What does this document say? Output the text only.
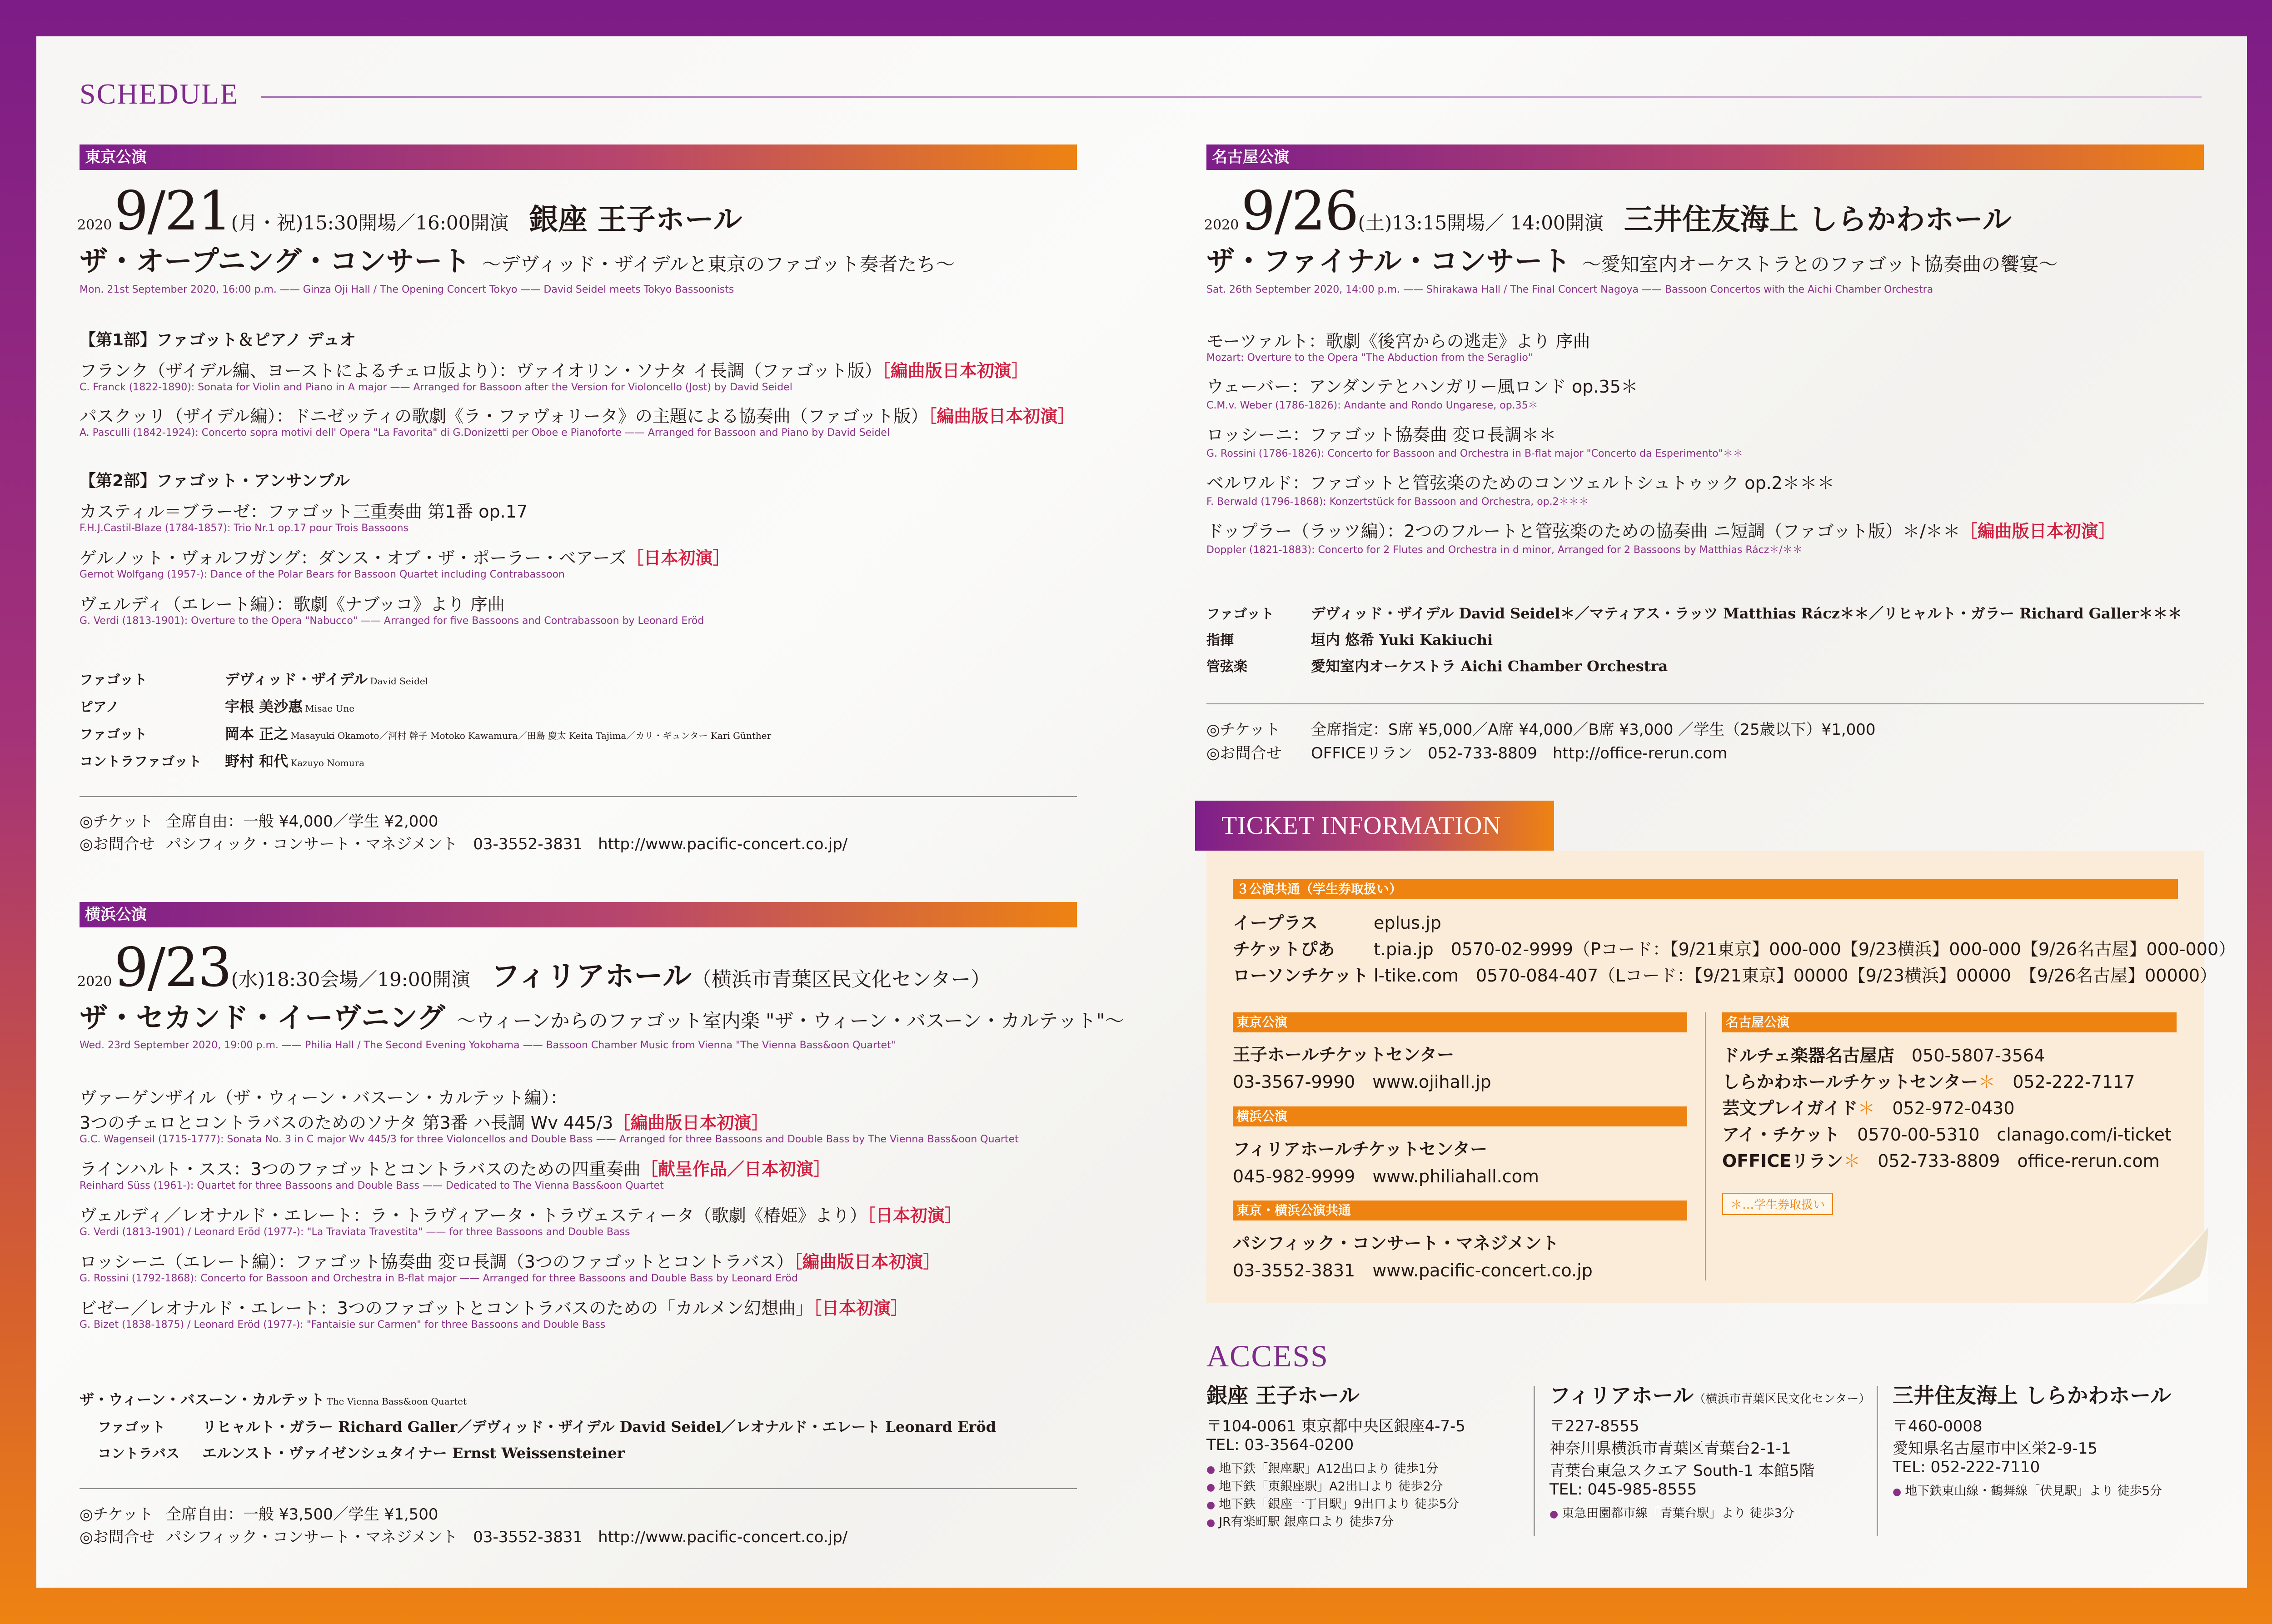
SCHEDULE
東京公演
2020 9/21(月・祝)15:30開場／16:00開演 銀座 王子ホール
ザ・オープニング・コンサート ～デヴィッド・ザイデルと東京のファゴット奏者たち～
Mon. 21st September 2020, 16:00 p.m. —— Ginza Oji Hall / The Opening Concert Tokyo —— David Seidel meets Tokyo Bassoonists
【第1部】ファゴット＆ピアノ デュオ
フランク（ザイデル編、ヨーストによるチェロ版より）：ヴァイオリン・ソナタ イ長調（ファゴット版）［編曲版日本初演］
C. Franck (1822-1890): Sonata for Violin and Piano in A major —— Arranged for Bassoon after the Version for Violoncello (Jost) by David Seidel
パスクッリ（ザイデル編）：ドニゼッティの歌劇《ラ・ファヴォリータ》の主題による協奏曲（ファゴット版）［編曲版日本初演］
A. Pasculli (1842-1924): Concerto sopra motivi dell' Opera "La Favorita" di G.Donizetti per Oboe e Pianoforte —— Arranged for Bassoon and Piano by David Seidel
【第2部】ファゴット・アンサンブル
カスティル＝ブラーゼ：ファゴット三重奏曲 第1番 op.17
F.H.J.Castil-Blaze (1784-1857): Trio Nr.1 op.17 pour Trois Bassoons
ゲルノット・ヴォルフガング：ダンス・オブ・ザ・ポーラー・ベアーズ［日本初演］
Gernot Wolfgang (1957-): Dance of the Polar Bears for Bassoon Quartet including Contrabassoon
ヴェルディ（エレート編）：歌劇《ナブッコ》より 序曲
G. Verdi (1813-1901): Overture to the Opera "Nabucco" —— Arranged for five Bassoons and Contrabassoon by Leonard Eröd
ファゴット	デヴィッド・ザイデル David Seidel
ピアノ	宇根 美沙惠 Misae Une
ファゴット	岡本 正之 Masayuki Okamoto／河村 幹子 Motoko Kawamura／田島 慶太 Keita Tajima／カリ・ギュンター Kari Günther
コントラファゴット 野村 和代 Kazuyo Nomura
◎チケット 全席自由：一般 ¥4,000／学生 ¥2,000
◎お問合せ パシフィック・コンサート・マネジメント　03-3552-3831　http://www.pacific-concert.co.jp/
横浜公演
2020 9/23(水)18:30会場／19:00開演 フィリアホール（横浜市青葉区民文化センター）
ザ・セカンド・イーヴニング ～ウィーンからのファゴット室内楽 "ザ・ウィーン・バスーン・カルテット"～
Wed. 23rd September 2020, 19:00 p.m. —— Philia Hall / The Second Evening Yokohama —— Bassoon Chamber Music from Vienna "The Vienna Bass&oon Quartet"
ヴァーゲンザイル（ザ・ウィーン・バスーン・カルテット編）：
3つのチェロとコントラバスのためのソナタ 第3番 ハ長調 Wv 445/3［編曲版日本初演］
G.C. Wagenseil (1715-1777): Sonata No. 3 in C major Wv 445/3 for three Violoncellos and Double Bass —— Arranged for three Bassoons and Double Bass by The Vienna Bass&oon Quartet
ラインハルト・スス：3つのファゴットとコントラバスのための四重奏曲［献呈作品／日本初演］
Reinhard Süss (1961-): Quartet for three Bassoons and Double Bass —— Dedicated to The Vienna Bass&oon Quartet
ヴェルディ／レオナルド・エレート：ラ・トラヴィアータ・トラヴェスティータ（歌劇《椿姫》より）［日本初演］
G. Verdi (1813-1901) / Leonard Eröd (1977-): "La Traviata Travestita" —— for three Bassoons and Double Bass
ロッシーニ（エレート編）：ファゴット協奏曲 変ロ長調（3つのファゴットとコントラバス）［編曲版日本初演］
G. Rossini (1792-1868): Concerto for Bassoon and Orchestra in B-flat major —— Arranged for three Bassoons and Double Bass by Leonard Eröd
ビゼー／レオナルド・エレート：3つのファゴットとコントラバスのための「カルメン幻想曲」［日本初演］
G. Bizet (1838-1875) / Leonard Eröd (1977-): "Fantaisie sur Carmen" for three Bassoons and Double Bass
ザ・ウィーン・バスーン・カルテット The Vienna Bass&oon Quartet
ファゴット	リヒャルト・ガラー Richard Galler／デヴィッド・ザイデル David Seidel／レオナルド・エレート Leonard Eröd
コントラバス エルンスト・ヴァイゼンシュタイナー Ernst Weissensteiner
◎チケット 全席自由：一般 ¥3,500／学生 ¥1,500
◎お問合せ パシフィック・コンサート・マネジメント　03-3552-3831　http://www.pacific-concert.co.jp/
名古屋公演
2020 9/26(土)13:15開場／ 14:00開演 三井住友海上 しらかわホール
ザ・ファイナル・コンサート ～愛知室内オーケストラとのファゴット協奏曲の饗宴～
Sat. 26th September 2020, 14:00 p.m. —— Shirakawa Hall / The Final Concert Nagoya —— Bassoon Concertos with the Aichi Chamber Orchestra
モーツァルト：歌劇《後宮からの逃走》より 序曲
Mozart: Overture to the Opera "The Abduction from the Seraglio"
ウェーバー：アンダンテとハンガリー風ロンド op.35＊
C.M.v. Weber (1786-1826): Andante and Rondo Ungarese, op.35＊
ロッシーニ：ファゴット協奏曲 変ロ長調＊＊
G. Rossini (1786-1826): Concerto for Bassoon and Orchestra in B-flat major "Concerto da Esperimento"＊＊
ベルワルド：ファゴットと管弦楽のためのコンツェルトシュトゥック op.2＊＊＊
F. Berwald (1796-1868): Konzertstück for Bassoon and Orchestra, op.2＊＊＊
ドップラー（ラッツ編）：2つのフルートと管弦楽のための協奏曲 ニ短調（ファゴット版）＊/＊＊［編曲版日本初演］
Doppler (1821-1883): Concerto for 2 Flutes and Orchestra in d minor, Arranged for 2 Bassoons by Matthias Rácz＊/＊＊
ファゴット	デヴィッド・ザイデル David Seidel＊／マティアス・ラッツ Matthias Rácz＊＊／リヒャルト・ガラー Richard Galler＊＊＊
指揮	垣内 悠希 Yuki Kakiuchi
管弦楽	愛知室内オーケストラ Aichi Chamber Orchestra
◎チケット 全席指定：S席 ¥5,000／A席 ¥4,000／B席 ¥3,000 ／学生（25歳以下）¥1,000
◎お問合せ OFFICEリラン　052-733-8809　http://office-rerun.com
TICKET INFORMATION
３公演共通（学生券取扱い）
イープラス	eplus.jp
チケットぴあ t.pia.jp　0570-02-9999（Pコード：【9/21東京】000-000【9/23横浜】000-000【9/26名古屋】000-000）
ローソンチケット l-tike.com　0570-084-407（Lコード：【9/21東京】00000【9/23横浜】00000　【9/26名古屋】00000）
東京公演
王子ホールチケットセンター
03-3567-9990　www.ojihall.jp
横浜公演
フィリアホールチケットセンター
045-982-9999　www.philiahall.com
東京・横浜公演共通
パシフィック・コンサート・マネジメント
03-3552-3831　www.pacific-concert.co.jp
名古屋公演
ドルチェ楽器名古屋店　 050-5807-3564
しらかわホールチケットセンター＊　 052-222-7117
芸文プレイガイド＊　 052-972-0430
アイ・チケット　 0570-00-5310　clanago.com/i-ticket
OFFICEリラン＊　 052-733-8809　office-rerun.com
＊…学生券取扱い
ACCESS
銀座 王子ホール
〒104-0061 東京都中央区銀座4-7-5
TEL: 03-3564-0200
● 地下鉄「銀座駅」A12出口より 徒歩1分
● 地下鉄「東銀座駅」A2出口より 徒歩2分
● 地下鉄「銀座一丁目駅」9出口より 徒歩5分
● JR有楽町駅 銀座口より 徒歩7分
フィリアホール（横浜市青葉区民文化センター）
〒227-8555
神奈川県横浜市青葉区青葉台2-1-1
青葉台東急スクエア South-1 本館5階
TEL: 045-985-8555
● 東急田園都市線「青葉台駅」より 徒歩3分
三井住友海上 しらかわホール
〒460-0008
愛知県名古屋市中区栄2-9-15
TEL: 052-222-7110
● 地下鉄東山線・鶴舞線「伏見駅」より 徒歩5分
